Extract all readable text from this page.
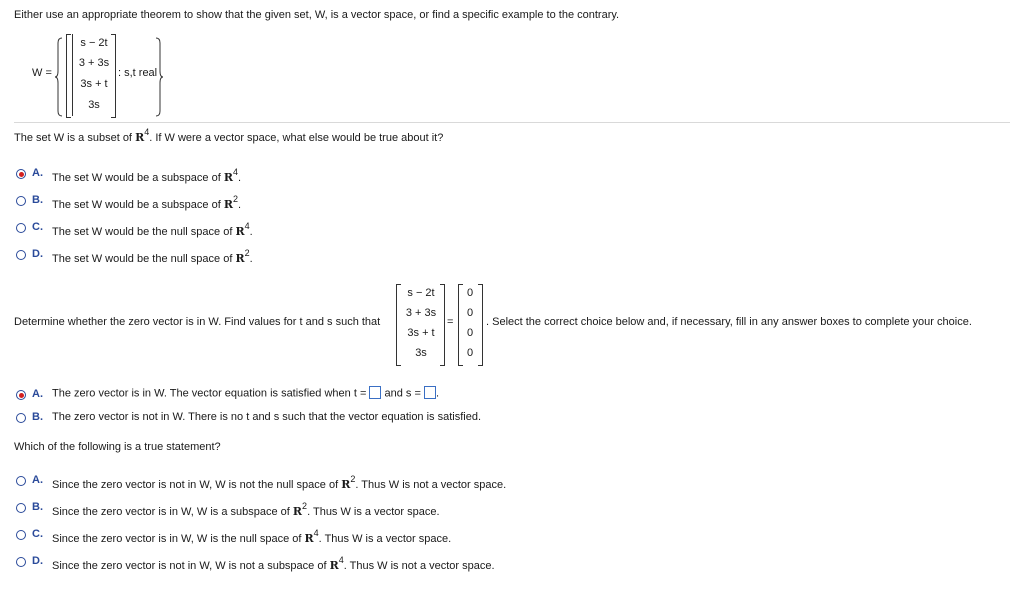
Either use an appropriate theorem to show that the given set, W, is a vector space, or find a specific example to the contrary.
W =
s − 2t
3 + 3s
3s + t
3s
: s,t real
The set W is a subset of $R^4$. If W were a vector space, what else would be true about it?
A. The set W would be a subspace of $R^4$.
B. The set W would be a subspace of $R^2$.
C. The set W would be the null space of $R^4$.
D. The set W would be the null space of $R^2$.
Determine whether the zero vector is in W. Find values for t and s such that
s − 2t
3 + 3s
3s + t
3s
=
0
0
0
0
. Select the correct choice below and, if necessary, fill in any answer boxes to complete your choice.
A. The zero vector is in W. The vector equation is satisfied when t = and s = .
B. The zero vector is not in W. There is no t and s such that the vector equation is satisfied.
Which of the following is a true statement?
A. Since the zero vector is not in W, W is not the null space of $R^2$. Thus W is not a vector space.
B. Since the zero vector is in W, W is a subspace of $R^2$. Thus W is a vector space.
C. Since the zero vector is in W, W is the null space of $R^4$. Thus W is a vector space.
D. Since the zero vector is not in W, W is not a subspace of $R^4$. Thus W is not a vector space.
